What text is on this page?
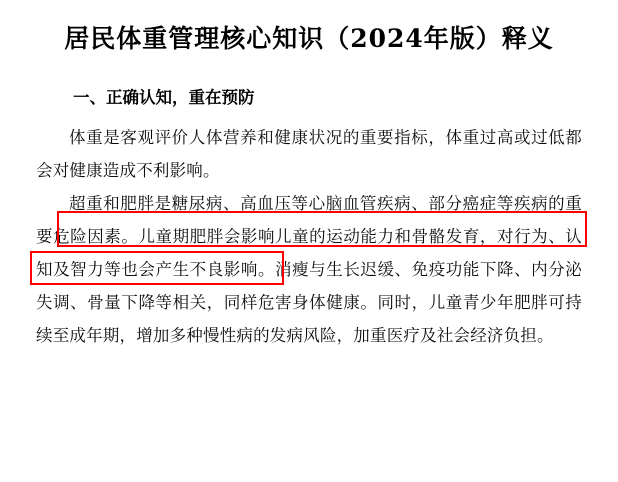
居民体重管理核心知识（2024年版）释义
一、正确认知，重在预防

体重是客观评价人体营养和健康状况的重要指标，体重过高或过低都会对健康造成不利影响。

超重和肥胖是糖尿病、高血压等心脑血管疾病、部分癌症等疾病的重要危险因素。儿童期肥胖会影响儿童的运动能力和骨骼发育，对行为、认知及智力等也会产生不良影响。消瘦与生长迟缓、免疫功能下降、内分泌失调、骨量下降等相关，同样危害身体健康。同时，儿童青少年肥胖可持续至成年期，增加多种慢性病的发病风险，加重医疗及社会经济负担。
